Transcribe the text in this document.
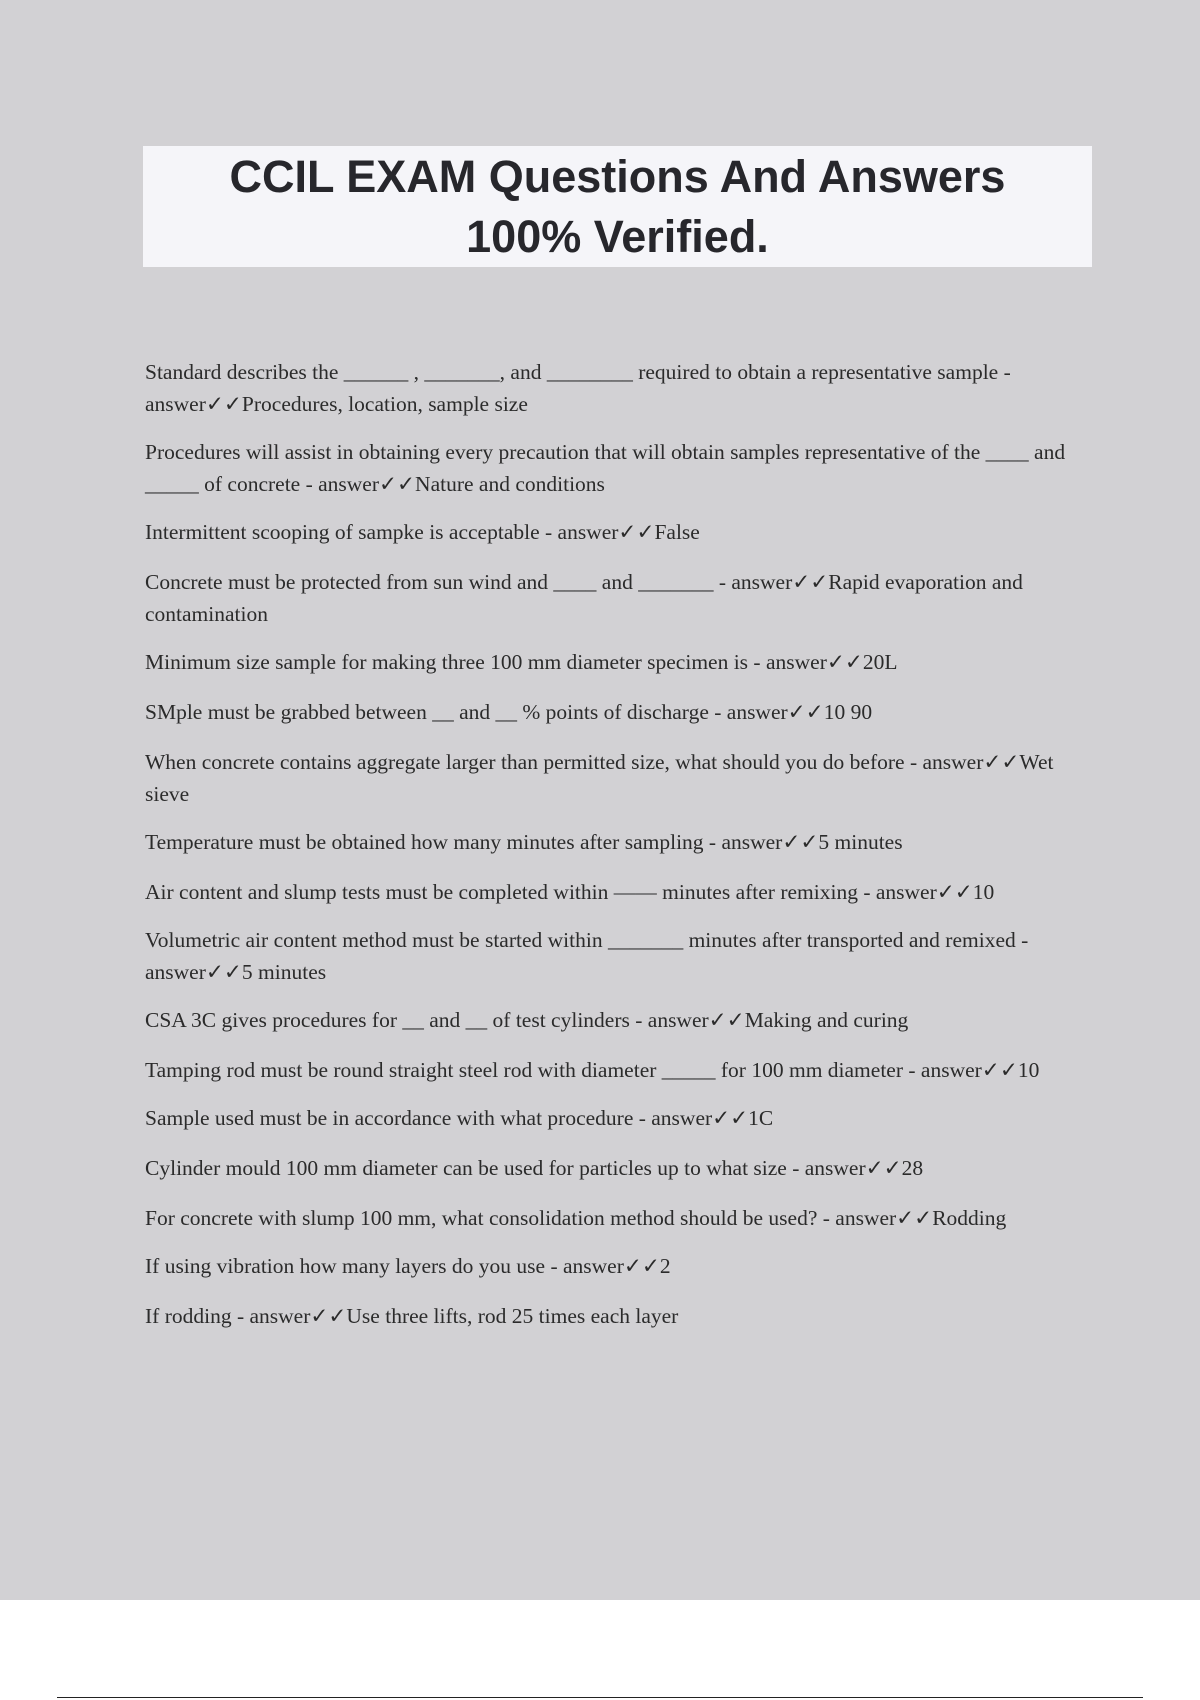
CCIL EXAM Questions And Answers
100% Verified.
Standard describes the ______ , _______, and ________ required to obtain a representative sample - answer✓✓Procedures, location, sample size
Procedures will assist in obtaining every precaution that will obtain samples representative of the ____ and _____ of concrete - answer✓✓Nature and conditions
Intermittent scooping of sampke is acceptable - answer✓✓False
Concrete must be protected from sun wind and ____ and _______ - answer✓✓Rapid evaporation and contamination
Minimum size sample for making three 100 mm diameter specimen is - answer✓✓20L
SMple must be grabbed between __ and __ % points of discharge - answer✓✓10 90
When concrete contains aggregate larger than permitted size, what should you do before - answer✓✓Wet sieve
Temperature must be obtained how many minutes after sampling - answer✓✓5 minutes
Air content and slump tests must be completed within —— minutes after remixing - answer✓✓10
Volumetric air content method must be started within _______ minutes after transported and remixed - answer✓✓5 minutes
CSA 3C gives procedures for __ and __ of test cylinders - answer✓✓Making and curing
Tamping rod must be round straight steel rod with diameter _____ for 100 mm diameter - answer✓✓10
Sample used must be in accordance with what procedure - answer✓✓1C
Cylinder mould 100 mm diameter can be used for particles up to what size - answer✓✓28
For concrete with slump 100 mm, what consolidation method should be used? - answer✓✓Rodding
If using vibration how many layers do you use - answer✓✓2
If rodding - answer✓✓Use three lifts, rod 25 times each layer
